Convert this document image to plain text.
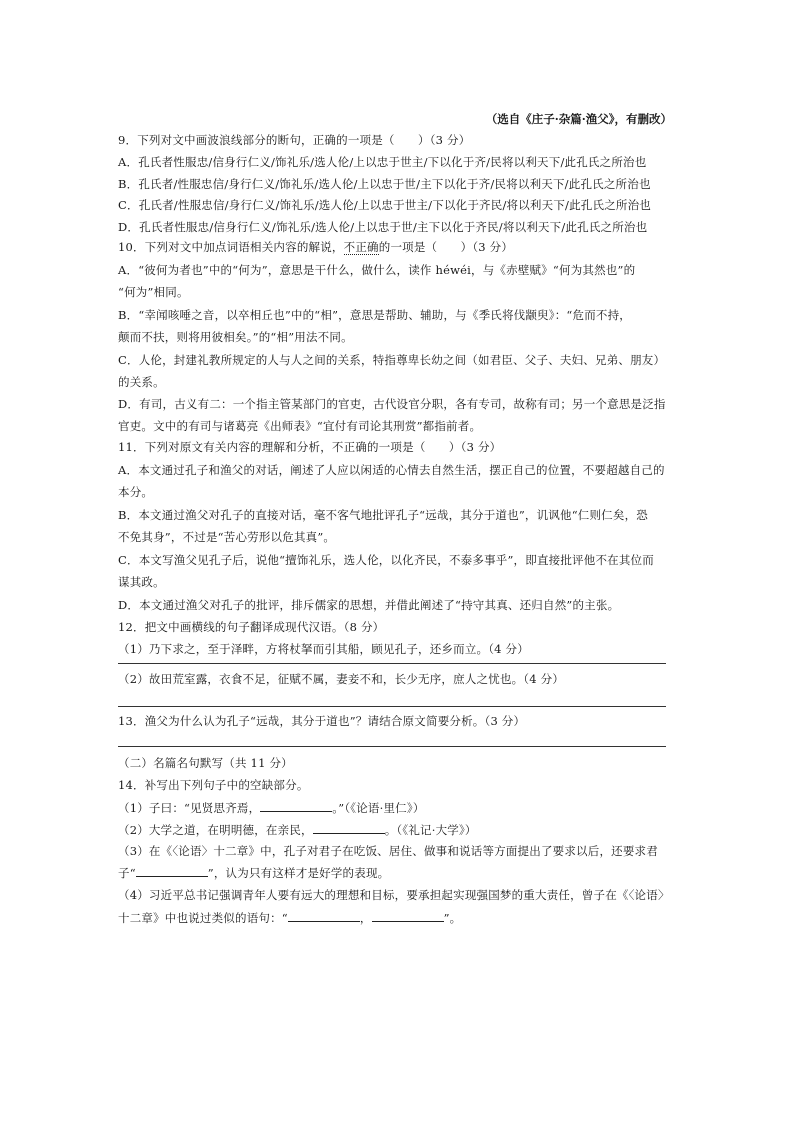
（选自《庄子·杂篇·渔父》，有删改）
9．下列对文中画波浪线部分的断句，正确的一项是（　　）（3 分）
A．孔氏者性服忠/信身行仁义/饰礼乐/选人伦/上以忠于世主/下以化于齐/民将以利天下/此孔氏之所治也
B．孔氏者/性服忠信/身行仁义/饰礼乐/选人伦/上以忠于世/主下以化于齐/民将以利天下/此孔氏之所治也
C．孔氏者/性服忠信/身行仁义/饰礼乐/选人伦/上以忠于世主/下以化于齐民/将以利天下/此孔氏之所治也
D．孔氏者性服忠/信身行仁义/饰礼乐/选人伦/上以忠于世/主下以化于齐民/将以利天下/此孔氏之所治也
10．下列对文中加点词语相关内容的解说，不正确的一项是（　　）（3 分）
A．“彼何为者也”中的“何为”，意思是干什么，做什么，读作 héwéi，与《赤壁赋》“何为其然也”的
“何为”相同。
B．“幸闻咳唾之音，以卒相丘也”中的“相”，意思是帮助、辅助，与《季氏将伐颛臾》：“危而不持，
颠而不扶，则将用彼相矣。”的“相”用法不同。
C．人伦，封建礼教所规定的人与人之间的关系，特指尊卑长幼之间（如君臣、父子、夫妇、兄弟、朋友）
的关系。
D．有司，古义有二：一个指主管某部门的官吏，古代设官分职，各有专司，故称有司；另一个意思是泛指
官吏。文中的有司与诸葛亮《出师表》“宜付有司论其刑赏”都指前者。
11．下列对原文有关内容的理解和分析，不正确的一项是（　　）（3 分）
A．本文通过孔子和渔父的对话，阐述了人应以闲适的心情去自然生活，摆正自己的位置，不要超越自己的
本分。
B．本文通过渔父对孔子的直接对话，毫不客气地批评孔子“远哉，其分于道也”，讥讽他“仁则仁矣，恐
不免其身”，不过是“苦心劳形以危其真”。
C．本文写渔父见孔子后，说他“擅饰礼乐，选人伦，以化齐民，不泰多事乎”，即直接批评他不在其位而
谋其政。
D．本文通过渔父对孔子的批评，排斥儒家的思想，并借此阐述了“持守其真、还归自然”的主张。
12．把文中画横线的句子翻译成现代汉语。（8 分）
（1）乃下求之，至于泽畔，方将杖拏而引其船，顾见孔子，还乡而立。（4 分）
（2）故田荒室露，衣食不足，征赋不属，妻妾不和，长少无序，庶人之忧也。（4 分）
13．渔父为什么认为孔子“远哉，其分于道也”？请结合原文简要分析。（3 分）
（二）名篇名句默写（共 11 分）
14．补写出下列句子中的空缺部分。
（1）子曰：“见贤思齐焉，	。”（《论语·里仁》）
（2）大学之道，在明明德，在亲民，	。（《礼记·大学》）
（3）在《〈论语〉十二章》中，孔子对君子在吃饭、居住、做事和说话等方面提出了要求以后，还要求君
子“	”，认为只有这样才是好学的表现。
（4）习近平总书记强调青年人要有远大的理想和目标，要承担起实现强国梦的重大责任，曾子在《〈论语〉
十二章》中也说过类似的语句：“	，	”。
